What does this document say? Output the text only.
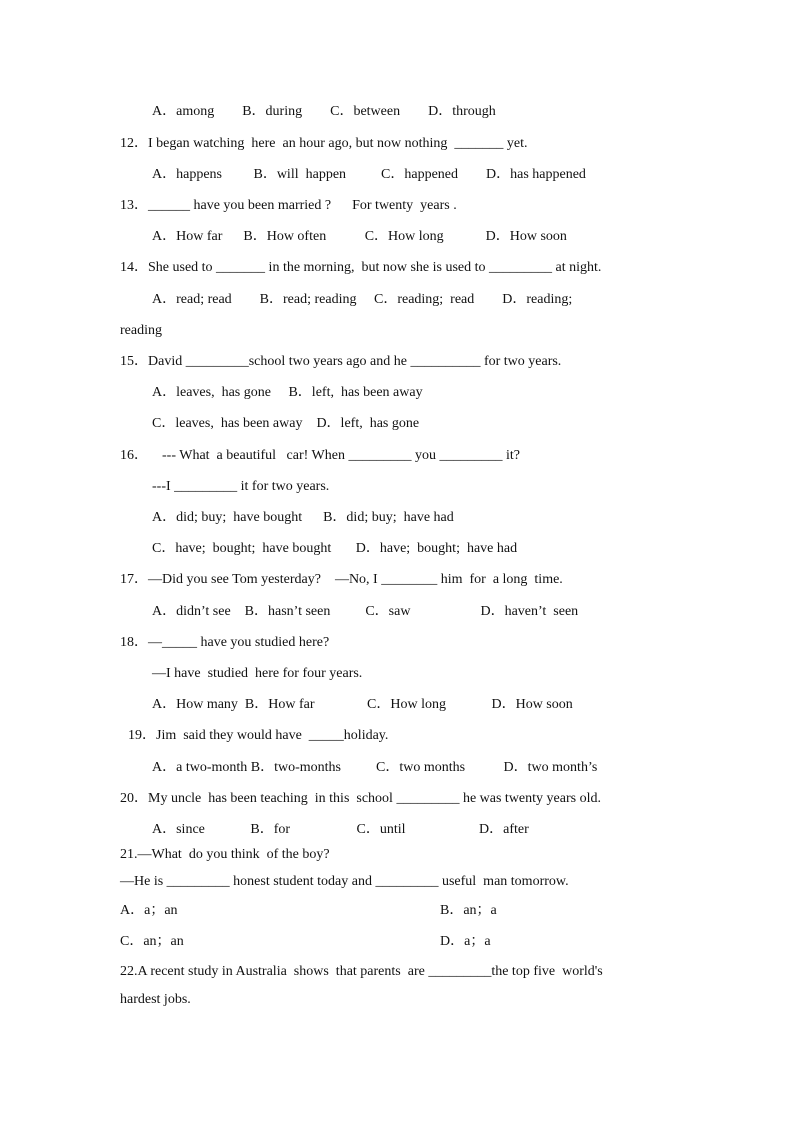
A．among        B．during        C．between        D．through
12．I began watching  here  an hour ago, but now nothing  _______ yet.
A．happens         B．will  happen          C．happened        D．has happened
13．______ have you been married ?      For twenty  years .
A．How far      B．How often           C．How long            D．How soon
14．She used to _______ in the morning,  but now she is used to _________ at night.
A．read; read        B．read; reading     C．reading;  read        D．reading;
reading
15．David _________school two years ago and he __________ for two years.
A．leaves,  has gone     B．left,  has been away
C．leaves,  has been away    D．left,  has gone
16．    --- What  a beautiful   car! When _________ you _________ it?
---I _________ it for two years.
A．did; buy;  have bought      B．did; buy;  have had
C．have;  bought;  have bought       D．have;  bought;  have had
17．—Did you see Tom yesterday?    —No, I ________ him  for  a long  time.
A．didn’t see    B．hasn’t seen          C．saw                    D．haven’t  seen
18．—_____ have you studied here?
—I have  studied  here for four years.
A．How many  B．How far               C．How long             D．How soon
19．Jim  said they would have  _____holiday.
A．a two-month B．two-months          C．two months           D．two month’s
20．My uncle  has been teaching  in this  school _________ he was twenty years old.
A．since             B．for                   C．until                     D．after
21.—What  do you think  of the boy?
—He is _________ honest student today and _________ useful  man tomorrow.
A．a；an	B．an；a
C．an；an	D．a；a
22.A recent study in Australia  shows  that parents  are _________the top five  world's
hardest jobs.
